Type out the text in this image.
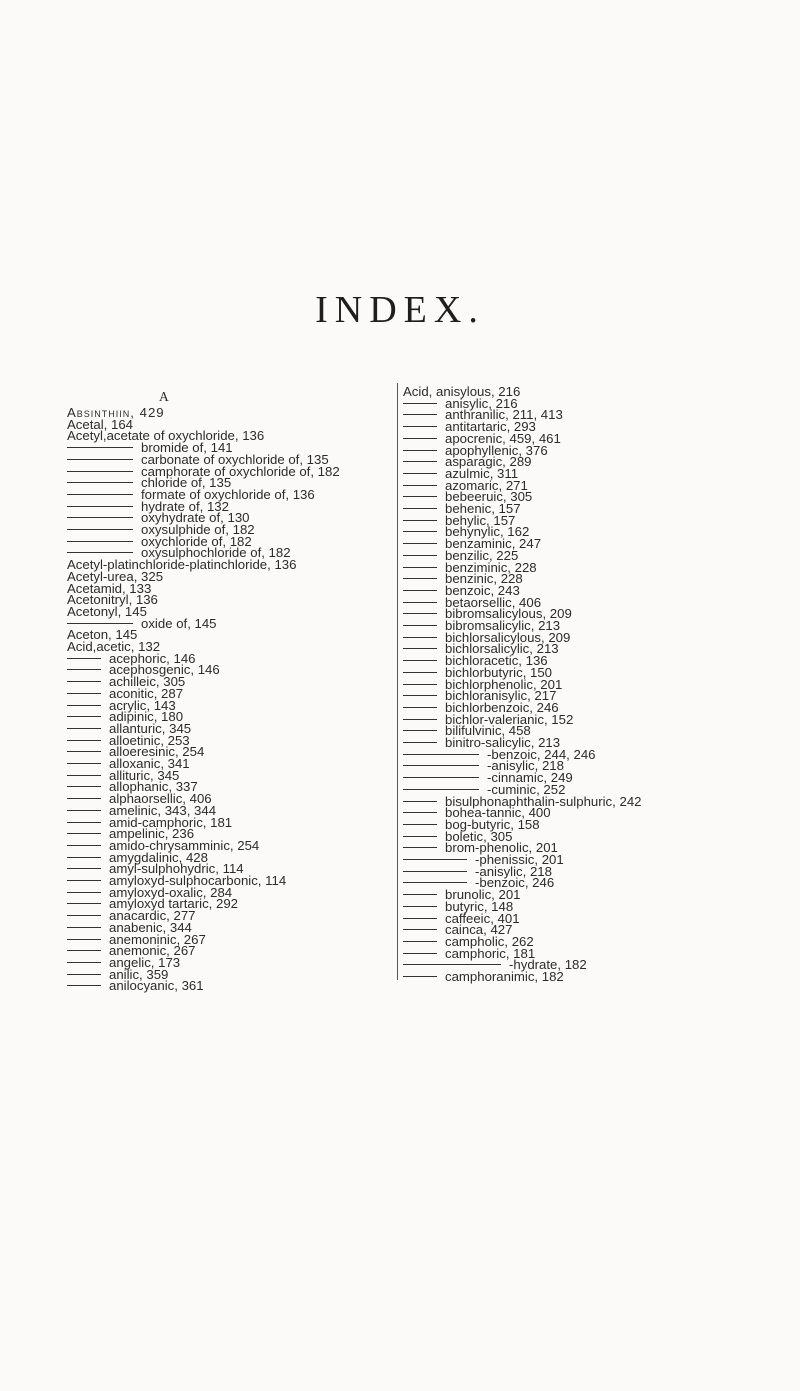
INDEX.
A
Absinthiin, 429
Acetal, 164
Acetyl,acetate of oxychloride, 136
bromide of, 141
carbonate of oxychloride of, 135
camphorate of oxychloride of, 182
chloride of, 135
formate of oxychloride of, 136
hydrate of, 132
oxyhydrate of, 130
oxysulphide of, 182
oxychloride of, 182
oxysulphochloride of, 182
Acetyl-platinchloride-platinchloride, 136
Acetyl-urea, 325
Acetamid, 133
Acetonitryl, 136
Acetonyl, 145
oxide of, 145
Aceton, 145
Acid,acetic, 132
acephoric, 146
acephosgenic, 146
achilleic, 305
aconitic, 287
acrylic, 143
adipinic, 180
allanturic, 345
alloetinic, 253
alloeresinic, 254
alloxanic, 341
allituric, 345
allophanic, 337
alphaorsellic, 406
amelinic, 343, 344
amid-camphoric, 181
ampelinic, 236
amido-chrysamminic, 254
amygdalinic, 428
amyl-sulphohydric, 114
amyloxyd-sulphocarbonic, 114
amyloxyd-oxalic, 284
amyloxyd tartaric, 292
anacardic, 277
anabenic, 344
anemoninic, 267
anemonic, 267
angelic, 173
anilic, 359
anilocyanic, 361
Acid, anisylous, 216
anisylic, 216
anthranilic, 211, 413
antitartaric, 293
apocrenic, 459, 461
apophyllenic, 376
asparagic, 289
azulmic, 311
azomaric, 271
bebeeruic, 305
behenic, 157
behylic, 157
behynylic, 162
benzaminic, 247
benzilic, 225
benziminic, 228
benzinic, 228
benzoic, 243
betaorsellic, 406
bibromsalicylous, 209
bibromsalicylic, 213
bichlorsalicylous, 209
bichlorsalicylic, 213
bichloracetic, 136
bichlorbutyric, 150
bichlorphenolic, 201
bichloranisylic, 217
bichlorbenzoic, 246
bichlor-valerianic, 152
bilifulvinic, 458
binitro-salicylic, 213
-benzoic, 244, 246
-anisylic, 218
-cinnamic, 249
-cuminic, 252
bisulphonaphthalin-sulphuric, 242
bohea-tannic, 400
bog-butyric, 158
boletic, 305
brom-phenolic, 201
-phenissic, 201
-anisylic, 218
-benzoic, 246
brunolic, 201
butyric, 148
caffeeic, 401
cainca, 427
campholic, 262
camphoric, 181
-hydrate, 182
camphoranimic, 182
